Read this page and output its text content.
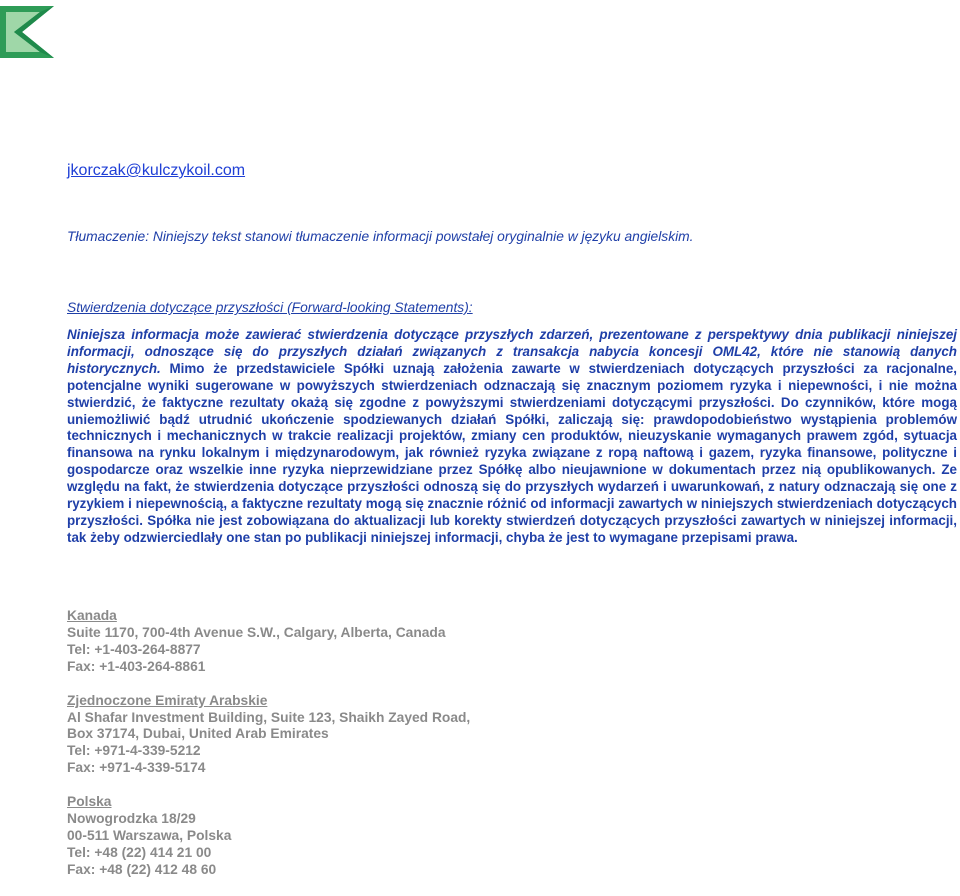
jkorczak@kulczykoil.com
Tłumaczenie: Niniejszy tekst stanowi tłumaczenie informacji powstałej oryginalnie w języku angielskim.
Stwierdzenia dotyczące przyszłości (Forward-looking Statements):

Niniejsza informacja może zawierać stwierdzenia dotyczące przyszłych zdarzeń, prezentowane z perspektywy dnia publikacji niniejszej informacji, odnoszące się do przyszłych działań związanych z transakcja nabycia koncesji OML42, które nie stanowią danych historycznych. Mimo że przedstawiciele Spółki uznają założenia zawarte w stwierdzeniach dotyczących przyszłości za racjonalne, potencjalne wyniki sugerowane w powyższych stwierdzeniach odznaczają się znacznym poziomem ryzyka i niepewności, i nie można stwierdzić, że faktyczne rezultaty okażą się zgodne z powyższymi stwierdzeniami dotyczącymi przyszłości. Do czynników, które mogą uniemożliwić bądź utrudnić ukończenie spodziewanych działań Spółki, zaliczają się: prawdopodobieństwo wystąpienia problemów technicznych i mechanicznych w trakcie realizacji projektów, zmiany cen produktów, nieuzyskanie wymaganych prawem zgód, sytuacja finansowa na rynku lokalnym i międzynarodowym, jak również ryzyka związane z ropą naftową i gazem, ryzyka finansowe, polityczne i gospodarcze oraz wszelkie inne ryzyka nieprzewidziane przez Spółkę albo nieujawnione w dokumentach przez nią opublikowanych. Ze względu na fakt, że stwierdzenia dotyczące przyszłości odnoszą się do przyszłych wydarzeń i uwarunkowań, z natury odznaczają się one z ryzykiem i niepewnością, a faktyczne rezultaty mogą się znacznie różnić od informacji zawartych w niniejszych stwierdzeniach dotyczących przyszłości. Spółka nie jest zobowiązana do aktualizacji lub korekty stwierdzeń dotyczących przyszłości zawartych w niniejszej informacji, tak żeby odzwierciedlały one stan po publikacji niniejszej informacji, chyba że jest to wymagane przepisami prawa.

Kanada
Suite 1170, 700-4th Avenue S.W., Calgary, Alberta, Canada
Tel: +1-403-264-8877
Fax: +1-403-264-8861
Zjednoczone Emiraty Arabskie
Al Shafar Investment Building, Suite 123, Shaikh Zayed Road,
Box 37174, Dubai, United Arab Emirates
Tel: +971-4-339-5212
Fax: +971-4-339-5174
Polska
Nowogrodzka 18/29
00-511 Warszawa, Polska
Tel: +48 (22) 414 21 00
Fax: +48 (22) 412 48 60
